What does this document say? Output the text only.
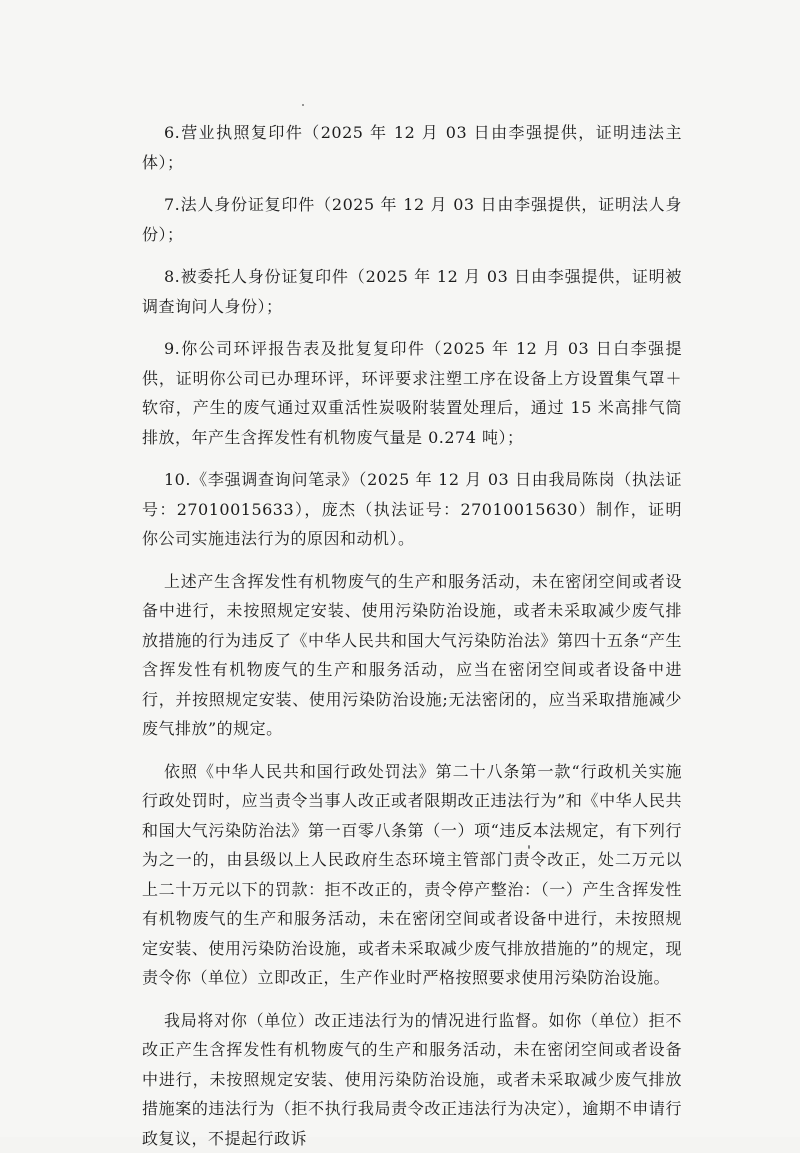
6.营业执照复印件（2025 年 12 月 03 日由李强提供，证明违法主体）；

7.法人身份证复印件（2025 年 12 月 03 日由李强提供，证明法人身份）；

8.被委托人身份证复印件（2025 年 12 月 03 日由李强提供，证明被调查询问人身份）；

9.你公司环评报告表及批复复印件（2025 年 12 月 03 日白李强提供，证明你公司已办理环评，环评要求注塑工序在设备上方设置集气罩＋软帘，产生的废气通过双重活性炭吸附装置处理后，通过 15 米高排气筒排放，年产生含挥发性有机物废气量是 0.274 吨）；

10.《李强调查询问笔录》（2025 年 12 月 03 日由我局陈岗（执法证号：27010015633），庞杰（执法证号：27010015630）制作，证明你公司实施违法行为的原因和动机）。

上述产生含挥发性有机物废气的生产和服务活动，未在密闭空间或者设备中进行，未按照规定安装、使用污染防治设施，或者未采取减少废气排放措施的行为违反了《中华人民共和国大气污染防治法》第四十五条“产生含挥发性有机物废气的生产和服务活动，应当在密闭空间或者设备中进行，并按照规定安装、使用污染防治设施;无法密闭的，应当采取措施减少废气排放”的规定。

依照《中华人民共和国行政处罚法》第二十八条第一款“行政机关实施行政处罚时，应当责令当事人改正或者限期改正违法行为”和《中华人民共和国大气污染防治法》第一百零八条第（一）项“违反本法规定，有下列行为之一的，由县级以上人民政府生态环境主管部门责令改正，处二万元以上二十万元以下的罚款：拒不改正的，责令停产整治：（一）产生含挥发性有机物废气的生产和服务活动，未在密闭空间或者设备中进行，未按照规定安装、使用污染防治设施，或者未采取减少废气排放措施的”的规定，现责令你（单位）立即改正，生产作业时严格按照要求使用污染防治设施。

我局将对你（单位）改正违法行为的情况进行监督。如你（单位）拒不改正产生含挥发性有机物废气的生产和服务活动，未在密闭空间或者设备中进行，未按照规定安装、使用污染防治设施，或者未采取减少废气排放措施案的违法行为（拒不执行我局责令改正违法行为决定），逾期不申请行政复议，不提起行政诉
